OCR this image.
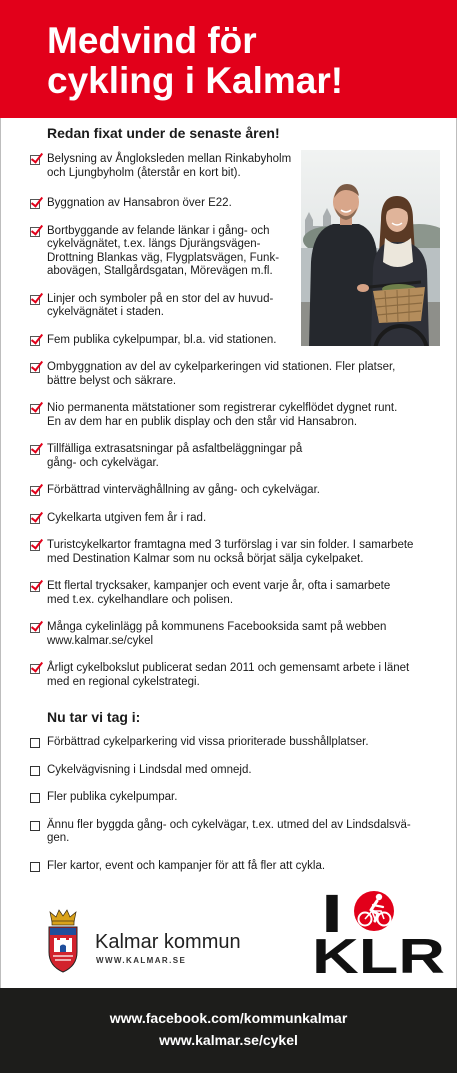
Medvind för
cykling i Kalmar!
Redan fixat under de senaste åren!
Belysning av Ångloksleden mellan Rinkabyholm
och Ljungbyholm (återstår en kort bit).
Byggnation av Hansabron över E22.
Bortbyggande av felande länkar i gång- och
cykelvägnätet, t.ex. längs Djurängsvägen-
Drottning Blankas väg, Flygplatsvägen, Funk-
abovägen, Stallgårdsgatan, Mörevägen m.fl.
Linjer och symboler på en stor del av huvud-
cykelvägnätet i staden.
Fem publika cykelpumpar, bl.a. vid stationen.
Ombyggnation av del av cykelparkeringen vid stationen. Fler platser,
bättre belyst och säkrare.
Nio permanenta mätstationer som registrerar cykelflödet dygnet runt.
En av dem har en publik display och den står vid Hansabron.
Tillfälliga extrasatsningar på asfaltbeläggningar på
gång- och cykelvägar.
Förbättrad vinterväghållning av gång- och cykelvägar.
Cykelkarta utgiven fem år i rad.
Turistcykelkartor framtagna med 3 turförslag i var sin folder. I samarbete
med Destination Kalmar som nu också börjat sälja cykelpaket.
Ett flertal trycksaker, kampanjer och event varje år, ofta i samarbete
med t.ex. cykelhandlare och polisen.
Många cykelinlägg på kommunens Facebooksida samt på webben
www.kalmar.se/cykel
Årligt cykelbokslut publicerat sedan 2011 och gemensamt arbete i länet
med en regional cykelstrategi.
Nu tar vi tag i:
Förbättrad cykelparkering vid vissa prioriterade busshållplatser.
Cykelvägvisning i Lindsdal med omnejd.
Fler publika cykelpumpar.
Ännu fler byggda gång- och cykelvägar, t.ex. utmed del av Lindsdalsvä-
gen.
Fler kartor, event och kampanjer för att få fler att cykla.
Kalmar kommun
WWW.KALMAR.SE
I
KLR
www.facebook.com/kommunkalmar
www.kalmar.se/cykel
